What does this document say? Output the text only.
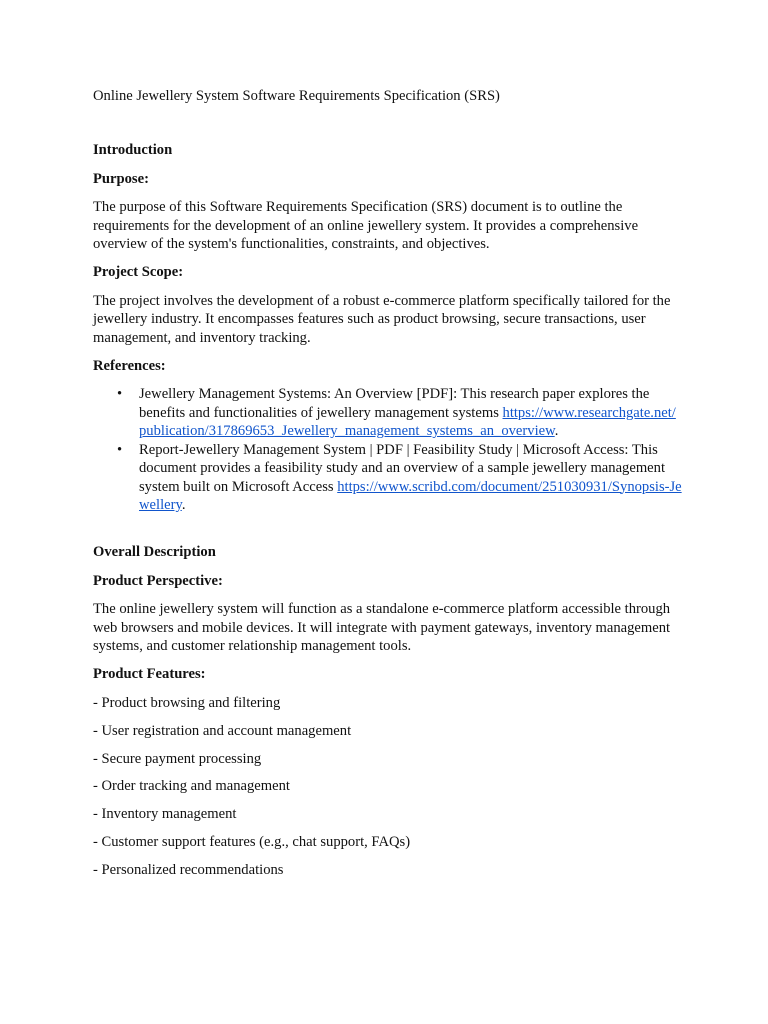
Online Jewellery System Software Requirements Specification (SRS)

Introduction
Purpose:

The purpose of this Software Requirements Specification (SRS) document is to outline the requirements for the development of an online jewellery system. It provides a comprehensive overview of the system's functionalities, constraints, and objectives.

Project Scope:

The project involves the development of a robust e-commerce platform specifically tailored for the jewellery industry. It encompasses features such as product browsing, secure transactions, user management, and inventory tracking.

References:
• Jewellery Management Systems: An Overview [PDF]: This research paper explores the benefits and functionalities of jewellery management systems https://www.researchgate.net/publication/317869653_Jewellery_management_systems_an_overview.
• Report-Jewellery Management System | PDF | Feasibility Study | Microsoft Access: This document provides a feasibility study and an overview of a sample jewellery management system built on Microsoft Access https://www.scribd.com/document/251030931/Synopsis-Jewellery.
Overall Description
Product Perspective:

The online jewellery system will function as a standalone e-commerce platform accessible through web browsers and mobile devices. It will integrate with payment gateways, inventory management systems, and customer relationship management tools.

Product Features:

- Product browsing and filtering

- User registration and account management

- Secure payment processing

- Order tracking and management

- Inventory management

- Customer support features (e.g., chat support, FAQs)

- Personalized recommendations
